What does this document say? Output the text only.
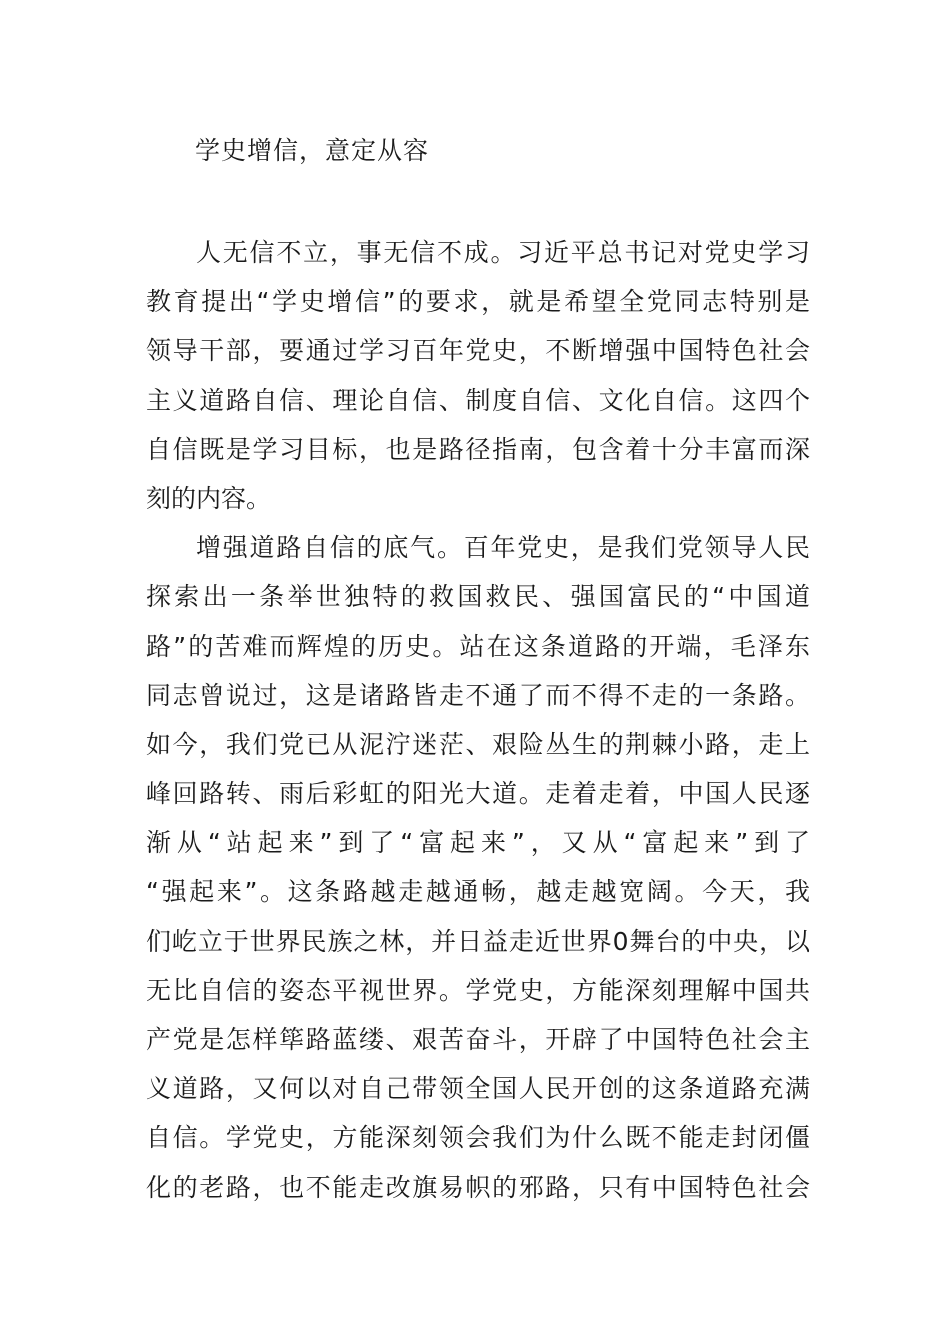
学史增信，意定从容
人无信不立，事无信不成。习近平总书记对党史学习
教育提出“学史增信”的要求，就是希望全党同志特别是
领导干部，要通过学习百年党史，不断增强中国特色社会
主义道路自信、理论自信、制度自信、文化自信。这四个
自信既是学习目标，也是路径指南，包含着十分丰富而深
刻的内容。
增强道路自信的底气。百年党史，是我们党领导人民
探索出一条举世独特的救国救民、强国富民的“中国道
路”的苦难而辉煌的历史。站在这条道路的开端，毛泽东
同志曾说过，这是诸路皆走不通了而不得不走的一条路。
如今，我们党已从泥泞迷茫、艰险丛生的荆棘小路，走上
峰回路转、雨后彩虹的阳光大道。走着走着，中国人民逐
渐从“站起来”到了“富起来”，又从“富起来”到了
“强起来”。这条路越走越通畅，越走越宽阔。今天，我
们屹立于世界民族之林，并日益走近世界0舞台的中央，以
无比自信的姿态平视世界。学党史，方能深刻理解中国共
产党是怎样筚路蓝缕、艰苦奋斗，开辟了中国特色社会主
义道路，又何以对自己带领全国人民开创的这条道路充满
自信。学党史，方能深刻领会我们为什么既不能走封闭僵
化的老路，也不能走改旗易帜的邪路，只有中国特色社会
